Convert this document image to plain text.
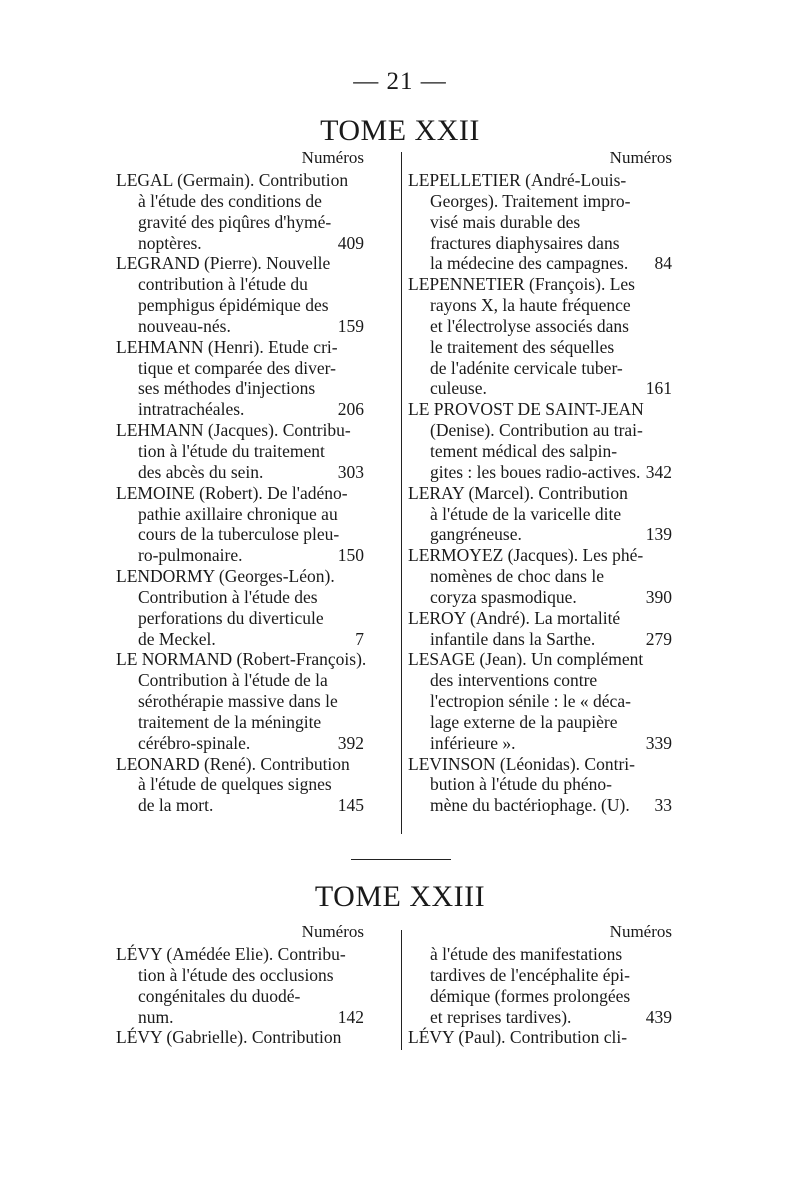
— 21 —
TOME XXII
Numéros
LEGAL (Germain). Contribution
à l'étude des conditions de
gravité des piqûres d'hymé-
noptères.	409
LEGRAND (Pierre). Nouvelle
contribution à l'étude du
pemphigus épidémique des
nouveau-nés.	159
LEHMANN (Henri). Etude cri-
tique et comparée des diver-
ses méthodes d'injections
intratrachéales.	206
LEHMANN (Jacques). Contribu-
tion à l'étude du traitement
des abcès du sein.	303
LEMOINE (Robert). De l'adéno-
pathie axillaire chronique au
cours de la tuberculose pleu-
ro-pulmonaire.	150
LENDORMY (Georges-Léon).
Contribution à l'étude des
perforations du diverticule
de Meckel.	7
LE NORMAND (Robert-François).
Contribution à l'étude de la
sérothérapie massive dans le
traitement de la méningite
cérébro-spinale.	392
LEONARD (René). Contribution
à l'étude de quelques signes
de la mort.	145
Numéros
LEPELLETIER (André-Louis-
Georges). Traitement impro-
visé mais durable des
fractures diaphysaires dans
la médecine des campagnes. 84
LEPENNETIER (François). Les
rayons X, la haute fréquence
et l'électrolyse associés dans
le traitement des séquelles
de l'adénite cervicale tuber-
culeuse.	161
LE PROVOST DE SAINT-JEAN
(Denise). Contribution au trai-
tement médical des salpin-
gites : les boues radio-actives. 342
LERAY (Marcel). Contribution
à l'étude de la varicelle dite
gangréneuse.	139
LERMOYEZ (Jacques). Les phé-
nomènes de choc dans le
coryza spasmodique.	390
LEROY (André). La mortalité
infantile dans la Sarthe.	279
LESAGE (Jean). Un complément
des interventions contre
l'ectropion sénile : le « déca-
lage externe de la paupière
inférieure ».	339
LEVINSON (Léonidas). Contri-
bution à l'étude du phéno-
mène du bactériophage. (U). 33
TOME XXIII
Numéros
LÉVY (Amédée Elie). Contribu-
tion à l'étude des occlusions
congénitales du duodé-
num.	142
LÉVY (Gabrielle). Contribution
Numéros
à l'étude des manifestations
tardives de l'encéphalite épi-
démique (formes prolongées
et reprises tardives).	439
LÉVY (Paul). Contribution cli-
